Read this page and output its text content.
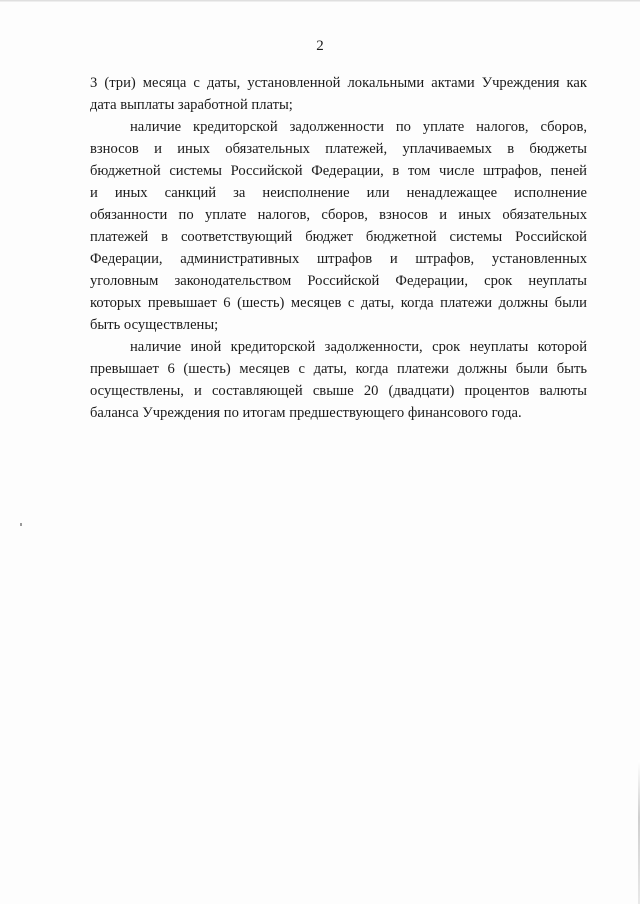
2

3 (три) месяца с даты, установленной локальными актами Учреждения как
дата выплаты заработной платы;

наличие кредиторской задолженности по уплате налогов, сборов,
взносов и иных обязательных платежей, уплачиваемых в бюджеты
бюджетной системы Российской Федерации, в том числе штрафов, пеней
и иных санкций за неисполнение или ненадлежащее исполнение
обязанности по уплате налогов, сборов, взносов и иных обязательных
платежей в соответствующий бюджет бюджетной системы Российской
Федерации, административных штрафов и штрафов, установленных
уголовным законодательством Российской Федерации, срок неуплаты
которых превышает 6 (шесть) месяцев с даты, когда платежи должны были
быть осуществлены;

наличие иной кредиторской задолженности, срок неуплаты которой
превышает 6 (шесть) месяцев с даты, когда платежи должны были быть
осуществлены, и составляющей свыше 20 (двадцати) процентов валюты
баланса Учреждения по итогам предшествующего финансового года.
